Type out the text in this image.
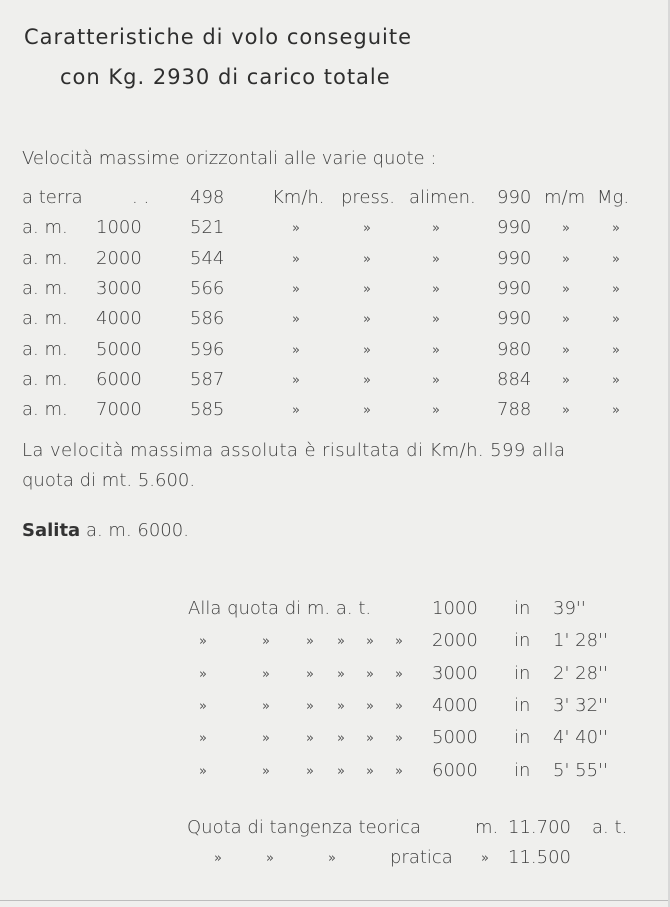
Caratteristiche di volo conseguite
con Kg. 2930 di carico totale
Velocità massime orizzontali alle varie quote :
a terra	. . 498	Km/h. press. alimen. 990 m/m Mg.
a. m. 1000	521	»	»	»	990 »	»
a. m. 2000	544	»	»	»	990 »	»
a. m. 3000	566	»	»	»	990 »	»
a. m. 4000	586	»	»	»	990 »	»
a. m. 5000	596	»	»	»	980 »	»
a. m. 6000	587	»	»	»	884 »	»
a. m. 7000	585	»	»	»	788 »	»
La velocità massima assoluta è risultata di Km/h. 599 alla
quota di mt. 5.600.
Salita a. m. 6000.
Alla quota di m. a. t.	1000 in 39''
»	»	» » » » 2000 in 1' 28''
»	»	» » » » 3000 in 2' 28''
»	»	» » » » 4000 in 3' 32''
»	»	» » » » 5000 in 4' 40''
»	»	» » » » 6000 in 5' 55''
Quota di tangenza teorica	m. 11.700 a. t.
»	»	»	pratica » 11.500
